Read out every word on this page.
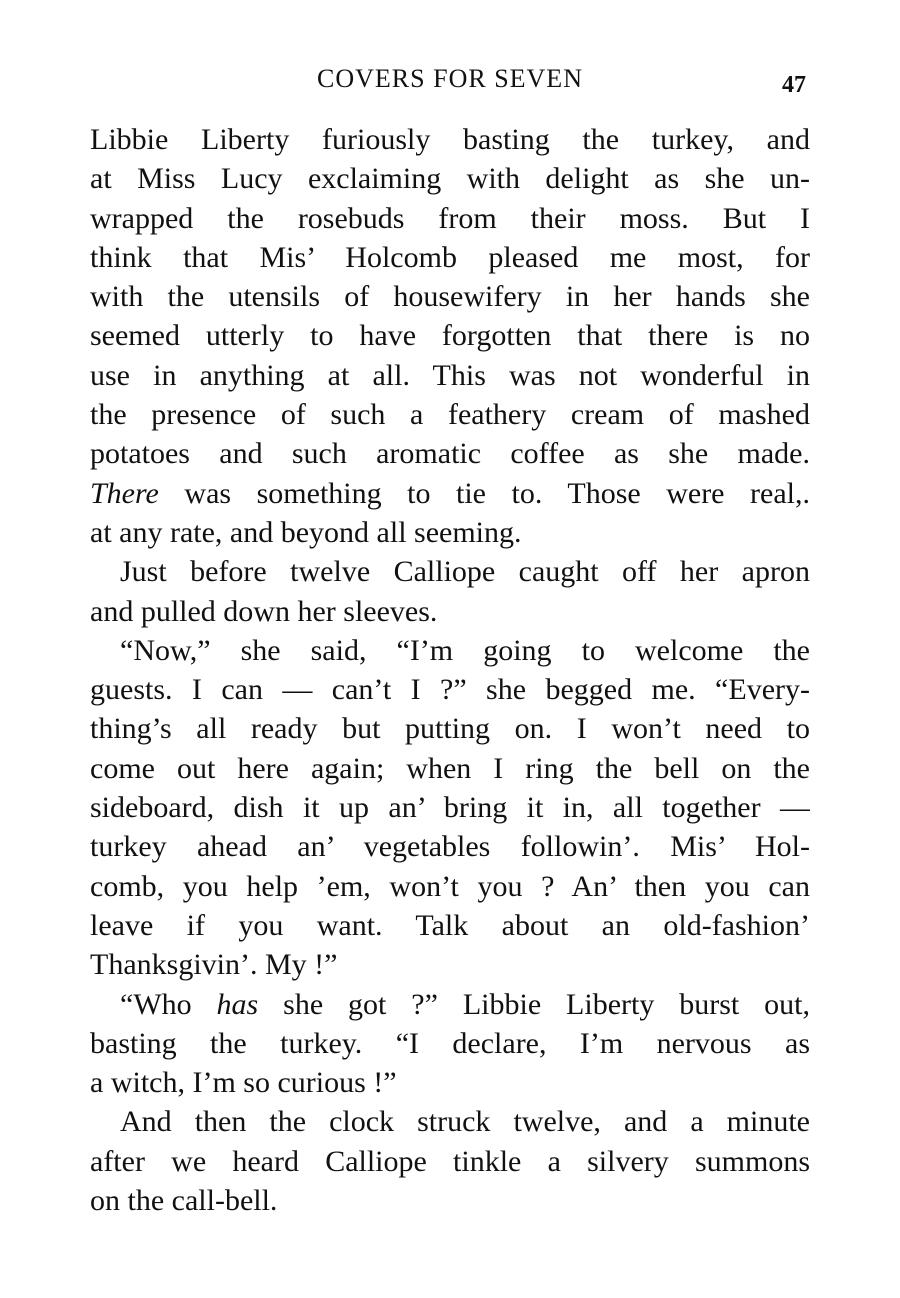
COVERS FOR SEVEN	47
Libbie Liberty furiously basting the turkey, and
at Miss Lucy exclaiming with delight as she un-
wrapped the rosebuds from their moss. But I
think that Mis’ Holcomb pleased me most, for
with the utensils of housewifery in her hands she
seemed utterly to have forgotten that there is no
use in anything at all. This was not wonderful in
the presence of such a feathery cream of mashed
potatoes and such aromatic coffee as she made.
There was something to tie to. Those were real,.
at any rate, and beyond all seeming.
Just before twelve Calliope caught off her apron
and pulled down her sleeves.
“Now,” she said, “I’m going to welcome the
guests. I can — can’t I ?” she begged me. “Every-
thing’s all ready but putting on. I won’t need to
come out here again; when I ring the bell on the
sideboard, dish it up an’ bring it in, all together —
turkey ahead an’ vegetables followin’. Mis’ Hol-
comb, you help ’em, won’t you ? An’ then you can
leave if you want. Talk about an old-fashion’
Thanksgivin’. My !”
“Who has she got ?” Libbie Liberty burst out,
basting the turkey. “I declare, I’m nervous as
a witch, I’m so curious !”
And then the clock struck twelve, and a minute
after we heard Calliope tinkle a silvery summons
on the call-bell.
